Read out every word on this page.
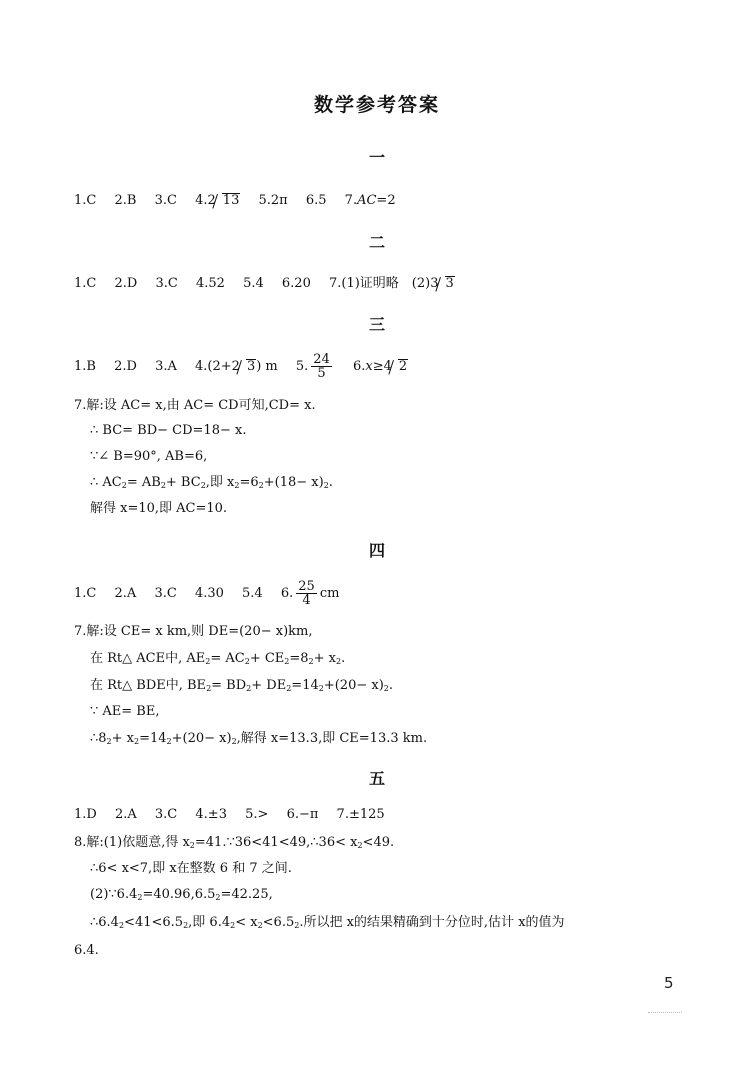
数学参考答案
一
1.C 2.B 3.C 4.2 13 5.2π 6.5 7.AC=2
二
1.C 2.D 3.C 4.52 5.4 6.20 7.(1)证明略　(2)3 3
三
1.B 2.D 3.A 4.(2+2 3) m 5. $\frac{24}{5} 6.x\ge 4$ 2
7.解:设 AC= x,由 AC= CD可知,CD= x.
∴ BC= BD− CD=18− x.
∵∠ B=90°, AB=6,
∴ $AC_2= AB_2+ BC_2$,即 $x_2=6_2+(18- x)_2$.
解得 x=10,即 AC=10.
四
1.C 2.A 3.C 4.30 5.4 6. $\frac{25}{4}$ cm
7.解:设 CE= x km,则 DE=(20− x)km,
在 Rt△ ACE中, $AE_2= AC_2+ CE_2=8_2+ x_2$.
在 Rt△ BDE中, $BE_2= BD_2+ DE_2=14_2+(20- x)_2$.
∵ AE= BE,
$\therefore 8_2+ x_2=14_2+(20- x)_2$,解得 x=13.3,即 CE=13.3 km.
五
1.D 2.A 3.C 4.±3 5.> 6.−π 7.±125
8.解:(1)依题意,得 $x_2=41.\because 36<41<49,\therefore 36< x_2<49$.
∴6< x<7,即 x在整数 6 和 7 之间.
$(2)\because 6.4_2=40.96,6.5_2=42.25$,
$\therefore 6.4_2<41<6.5_2$,即 $6.4_2< x_2<6.5_2$.所以把 x的结果精确到十分位时,估计 x的值为
6.4.
5
